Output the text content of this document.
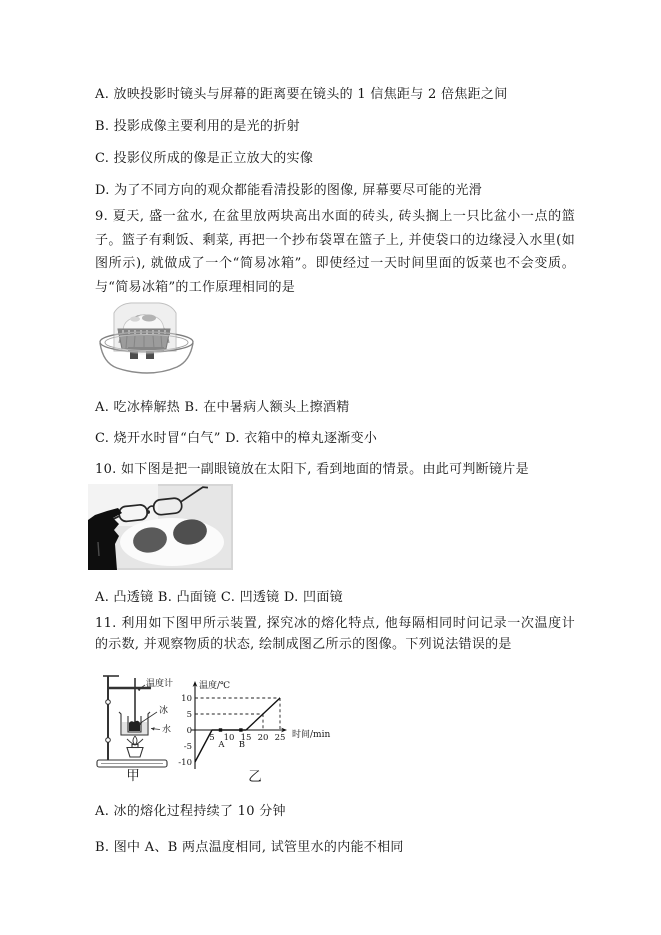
A. 放映投影时镜头与屏幕的距离要在镜头的 1 信焦距与 2 倍焦距之间
B. 投影成像主要利用的是光的折射
C. 投影仪所成的像是正立放大的实像
D. 为了不同方向的观众都能看清投影的图像, 屏幕要尽可能的光滑
9. 夏天, 盛一盆水, 在盆里放两块高出水面的砖头, 砖头搁上一只比盆小一点的篮子。篮子有剩饭、剩菜, 再把一个抄布袋罩在篮子上, 并使袋口的边缘浸入水里(如图所示), 就做成了一个“简易冰箱”。即使经过一天时间里面的饭菜也不会变质。与“简易冰箱”的工作原理相同的是
A. 吃冰棒解热 B. 在中暑病人额头上擦酒精
C. 烧开水时冒“白气” D. 衣箱中的樟丸逐渐变小
10. 如下图是把一副眼镜放在太阳下, 看到地面的情景。由此可判断镜片是
A. 凸透镜 B. 凸面镜 C. 凹透镜 D. 凹面镜
11. 利用如下图甲所示装置, 探究冰的熔化特点, 他每隔相同时问记录一次温度计的示数, 并观察物质的状态, 绘制成图乙所示的图像。下列说法错误的是
温度计
冰
水
甲
温度/℃
时间/min
5 10 15 20 25
10
5
0
-5
-10
A B
乙
A. 冰的熔化过程持续了 10 分钟
B. 图中 A、B 两点温度相同, 试管里水的内能不相同
